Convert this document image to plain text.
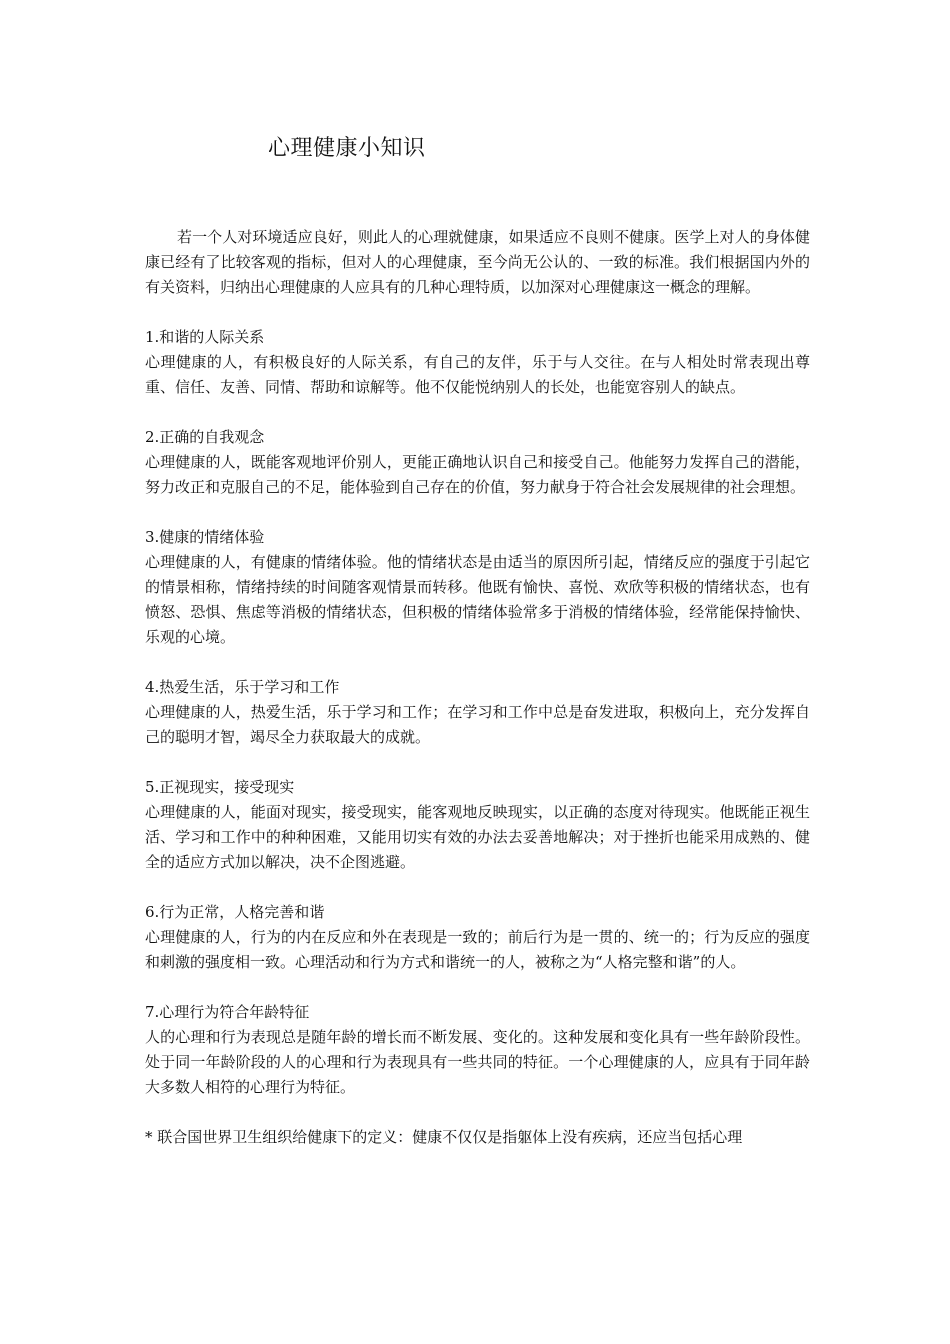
心理健康小知识

若一个人对环境适应良好，则此人的心理就健康，如果适应不良则不健康。医学上对人的身体健康已经有了比较客观的指标，但对人的心理健康，至今尚无公认的、一致的标准。我们根据国内外的有关资料，归纳出心理健康的人应具有的几种心理特质，以加深对心理健康这一概念的理解。

1.和谐的人际关系

心理健康的人，有积极良好的人际关系，有自己的友伴，乐于与人交往。在与人相处时常表现出尊重、信任、友善、同情、帮助和谅解等。他不仅能悦纳别人的长处，也能宽容别人的缺点。

2.正确的自我观念

心理健康的人，既能客观地评价别人，更能正确地认识自己和接受自己。他能努力发挥自己的潜能，努力改正和克服自己的不足，能体验到自己存在的价值，努力献身于符合社会发展规律的社会理想。

3.健康的情绪体验

心理健康的人，有健康的情绪体验。他的情绪状态是由适当的原因所引起，情绪反应的强度于引起它的情景相称，情绪持续的时间随客观情景而转移。他既有愉快、喜悦、欢欣等积极的情绪状态，也有愤怒、恐惧、焦虑等消极的情绪状态，但积极的情绪体验常多于消极的情绪体验，经常能保持愉快、乐观的心境。

4.热爱生活，乐于学习和工作

心理健康的人，热爱生活，乐于学习和工作；在学习和工作中总是奋发进取，积极向上，充分发挥自己的聪明才智，竭尽全力获取最大的成就。

5.正视现实，接受现实

心理健康的人，能面对现实，接受现实，能客观地反映现实，以正确的态度对待现实。他既能正视生活、学习和工作中的种种困难，又能用切实有效的办法去妥善地解决；对于挫折也能采用成熟的、健全的适应方式加以解决，决不企图逃避。

6.行为正常，人格完善和谐

心理健康的人，行为的内在反应和外在表现是一致的；前后行为是一贯的、统一的；行为反应的强度和刺激的强度相一致。心理活动和行为方式和谐统一的人，被称之为“人格完整和谐”的人。

7.心理行为符合年龄特征

人的心理和行为表现总是随年龄的增长而不断发展、变化的。这种发展和变化具有一些年龄阶段性。处于同一年龄阶段的人的心理和行为表现具有一些共同的特征。一个心理健康的人，应具有于同年龄大多数人相符的心理行为特征。

* 联合国世界卫生组织给健康下的定义：健康不仅仅是指躯体上没有疾病，还应当包括心理
